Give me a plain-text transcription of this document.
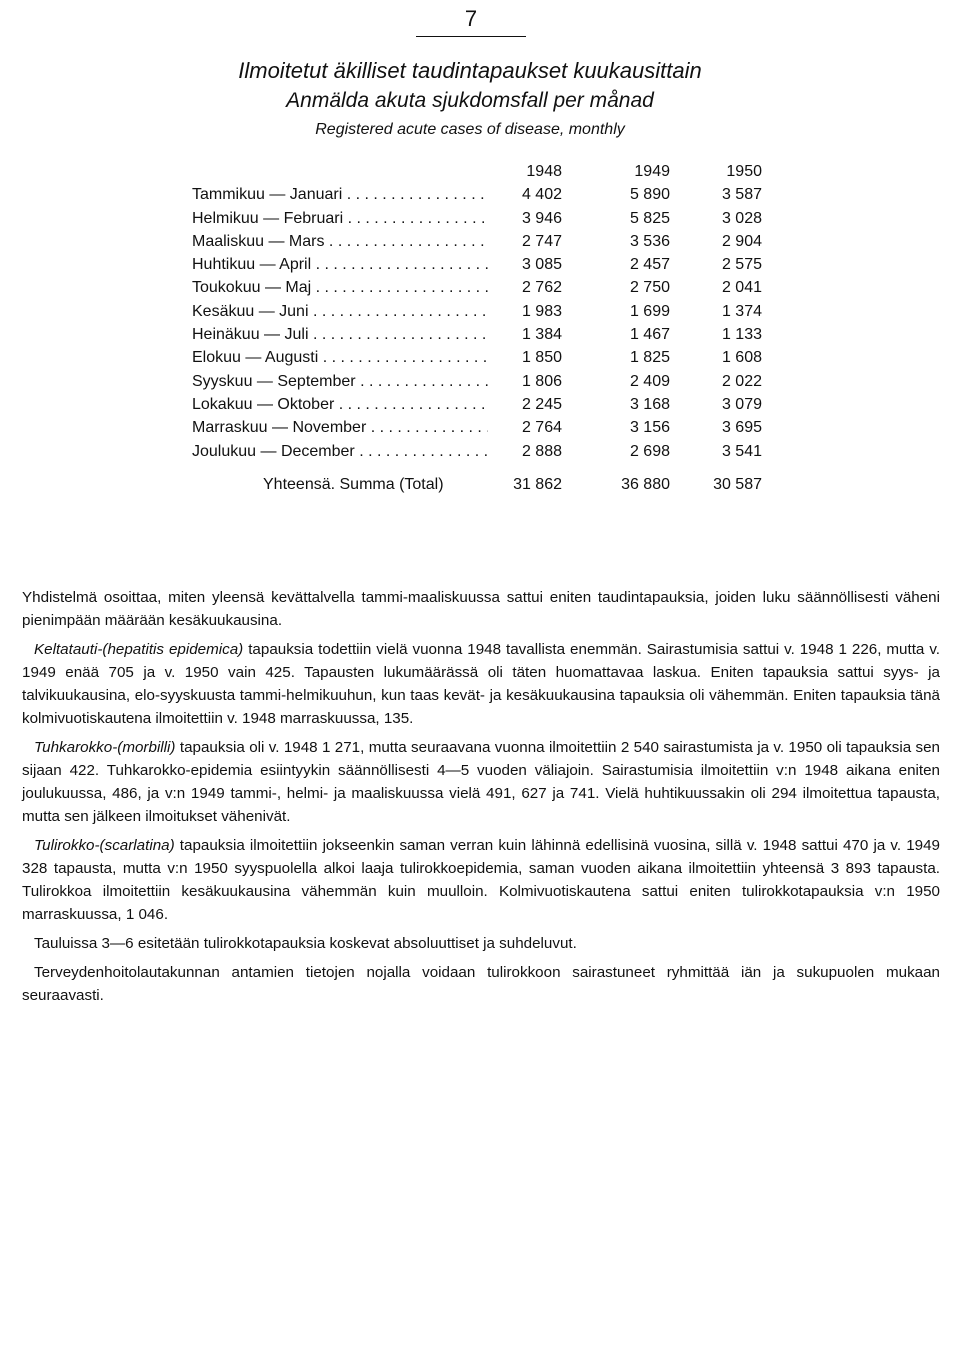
7
Ilmoitetut äkilliset taudintapaukset kuukausittain
Anmälda akuta sjukdomsfall per månad
Registered acute cases of disease, monthly
1948	1949	1950
Tammikuu — Januari . . .	4 402	5 890	3 587
Helmikuu — Februari . . .	3 946	5 825	3 028
Maaliskuu — Mars . . .	2 747	3 536	2 904
Huhtikuu — April . . .	3 085	2 457	2 575
Toukokuu — Maj . . .	2 762	2 750	2 041
Kesäkuu — Juni . . .	1 983	1 699	1 374
Heinäkuu — Juli . . .	1 384	1 467	1 133
Elokuu — Augusti . . .	1 850	1 825	1 608
Syyskuu — September . . .	1 806	2 409	2 022
Lokakuu — Oktober . . .	2 245	3 168	3 079
Marraskuu — November . . .	2 764	3 156	3 695
Joulukuu — December . . .	2 888	2 698	3 541
Yhteensä. Summa (Total)	31 862	36 880	30 587

Yhdistelmä osoittaa, miten yleensä kevättalvella tammi-maaliskuussa sattui eniten taudintapauksia, joiden luku säännöllisesti väheni pienimpään määrään kesäkuukausina.

Keltatauti-(hepatitis epidemica) tapauksia todettiin vielä vuonna 1948 tavallista enemmän. Sairastumisia sattui v. 1948 1 226, mutta v. 1949 enää 705 ja v. 1950 vain 425. Tapausten lukumäärässä oli täten huomattavaa laskua. Eniten tapauksia sattui syys- ja talvikuukausina, elo-syyskuusta tammi-helmikuuhun, kun taas kevät- ja kesäkuukausina tapauksia oli vähemmän. Eniten tapauksia tänä kolmivuotiskautena ilmoitettiin v. 1948 marraskuussa, 135.

Tuhkarokko-(morbilli) tapauksia oli v. 1948 1 271, mutta seuraavana vuonna ilmoitettiin 2 540 sairastumista ja v. 1950 oli tapauksia sen sijaan 422. Tuhkarokko-epidemia esiintyykin säännöllisesti 4—5 vuoden väliajoin. Sairastumisia ilmoitettiin v:n 1948 aikana eniten joulukuussa, 486, ja v:n 1949 tammi-, helmi- ja maaliskuussa vielä 491, 627 ja 741. Vielä huhtikuussakin oli 294 ilmoitettua tapausta, mutta sen jälkeen ilmoitukset vähenivät.

Tulirokko-(scarlatina) tapauksia ilmoitettiin jokseenkin saman verran kuin lähinnä edellisinä vuosina, sillä v. 1948 sattui 470 ja v. 1949 328 tapausta, mutta v:n 1950 syyspuolella alkoi laaja tulirokkoepidemia, saman vuoden aikana ilmoitettiin yhteensä 3 893 tapausta. Tulirokkoa ilmoitettiin kesäkuukausina vähemmän kuin muulloin. Kolmivuotiskautena sattui eniten tulirokkotapauksia v:n 1950 marraskuussa, 1 046.

Tauluissa 3—6 esitetään tulirokkotapauksia koskevat absoluuttiset ja suhdeluvut.

Terveydenhoitolautakunnan antamien tietojen nojalla voidaan tulirokkoon sairastuneet ryhmittää iän ja sukupuolen mukaan seuraavasti.
